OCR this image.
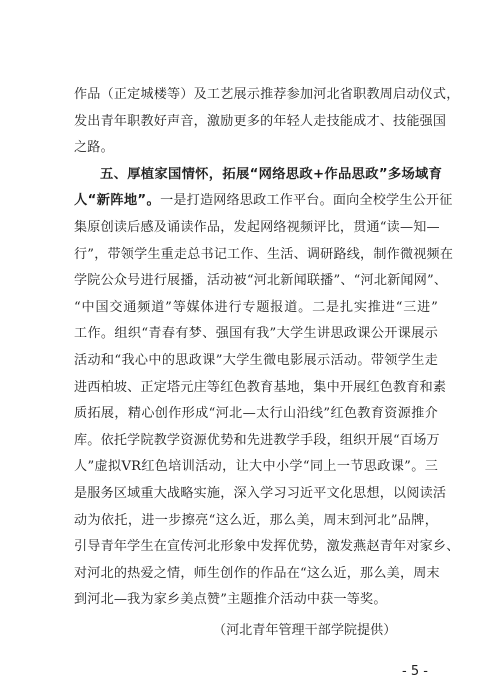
作品（正定城楼等）及工艺展示推荐参加河北省职教周启动仪式，
发出青年职教好声音，激励更多的年轻人走技能成才、技能强国
之路。
五、厚植家国情怀，拓展“网络思政+作品思政”多场域育
人“新阵地”。一是打造网络思政工作平台。面向全校学生公开征
集原创读后感及诵读作品，发起网络视频评比，贯通“读—知—
行”，带领学生重走总书记工作、生活、调研路线，制作微视频在
学院公众号进行展播，活动被“河北新闻联播”、“河北新闻网”、
“中国交通频道”等媒体进行专题报道。二是扎实推进“三进”
工作。组织“青春有梦、强国有我”大学生讲思政课公开课展示
活动和“我心中的思政课”大学生微电影展示活动。带领学生走
进西柏坡、正定塔元庄等红色教育基地，集中开展红色教育和素
质拓展，精心创作形成“河北—太行山沿线”红色教育资源推介
库。依托学院教学资源优势和先进教学手段，组织开展“百场万
人”虚拟VR红色培训活动，让大中小学“同上一节思政课”。三
是服务区域重大战略实施，深入学习习近平文化思想，以阅读活
动为依托，进一步擦亮“这么近，那么美，周末到河北”品牌，
引导青年学生在宣传河北形象中发挥优势，激发燕赵青年对家乡、
对河北的热爱之情，师生创作的作品在“这么近，那么美，周末
（河北青年管理干部学院提供）
- 5 -
到河北—我为家乡美点赞”主题推介活动中获一等奖。
